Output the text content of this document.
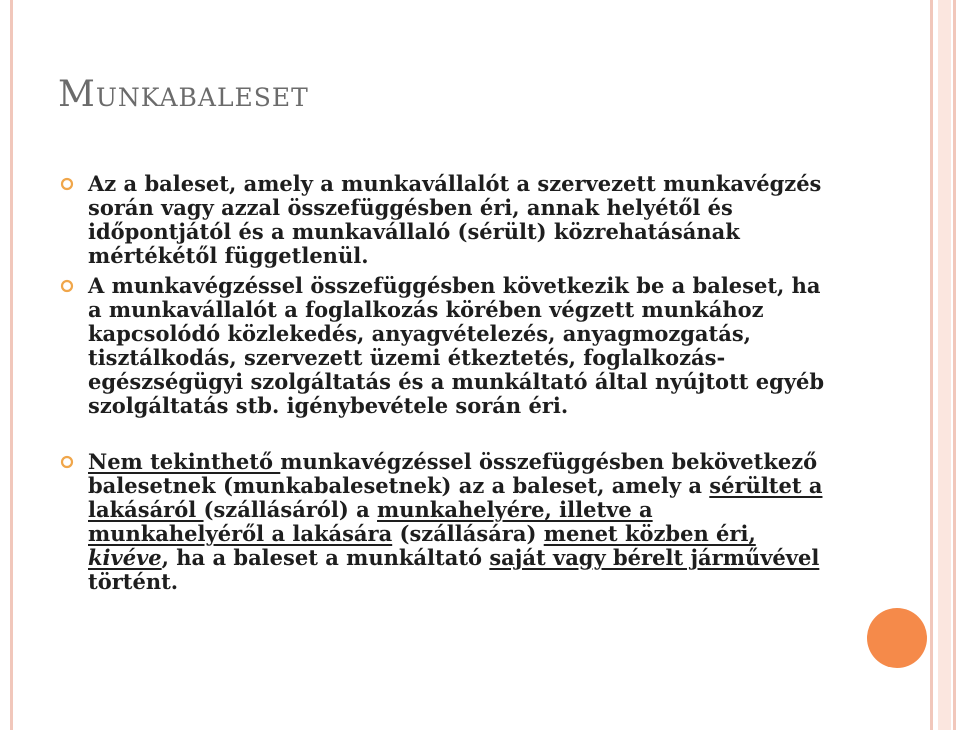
Munkabaleset

Az a baleset, amely a munkavállalót a szervezett munkavégzés során vagy azzal összefüggésben éri, annak helyétől és időpontjától és a munkavállaló (sérült) közrehatásának mértékétől függetlenül.

A munkavégzéssel összefüggésben következik be a baleset, ha a munkavállalót a foglalkozás körében végzett munkához kapcsolódó közlekedés, anyagvételezés, anyagmozgatás, tisztálkodás, szervezett üzemi étkeztetés, foglalkozás-egészségügyi szolgáltatás és a munkáltató által nyújtott egyéb szolgáltatás stb. igénybevétele során éri.

Nem tekinthető munkavégzéssel összefüggésben bekövetkező balesetnek (munkabalesetnek) az a baleset, amely a sérültet a lakásáról (szállásáról) a munkahelyére, illetve a munkahelyéről a lakására (szállására) menet közben éri, kivéve, ha a baleset a munkáltató saját vagy bérelt járművével történt.
